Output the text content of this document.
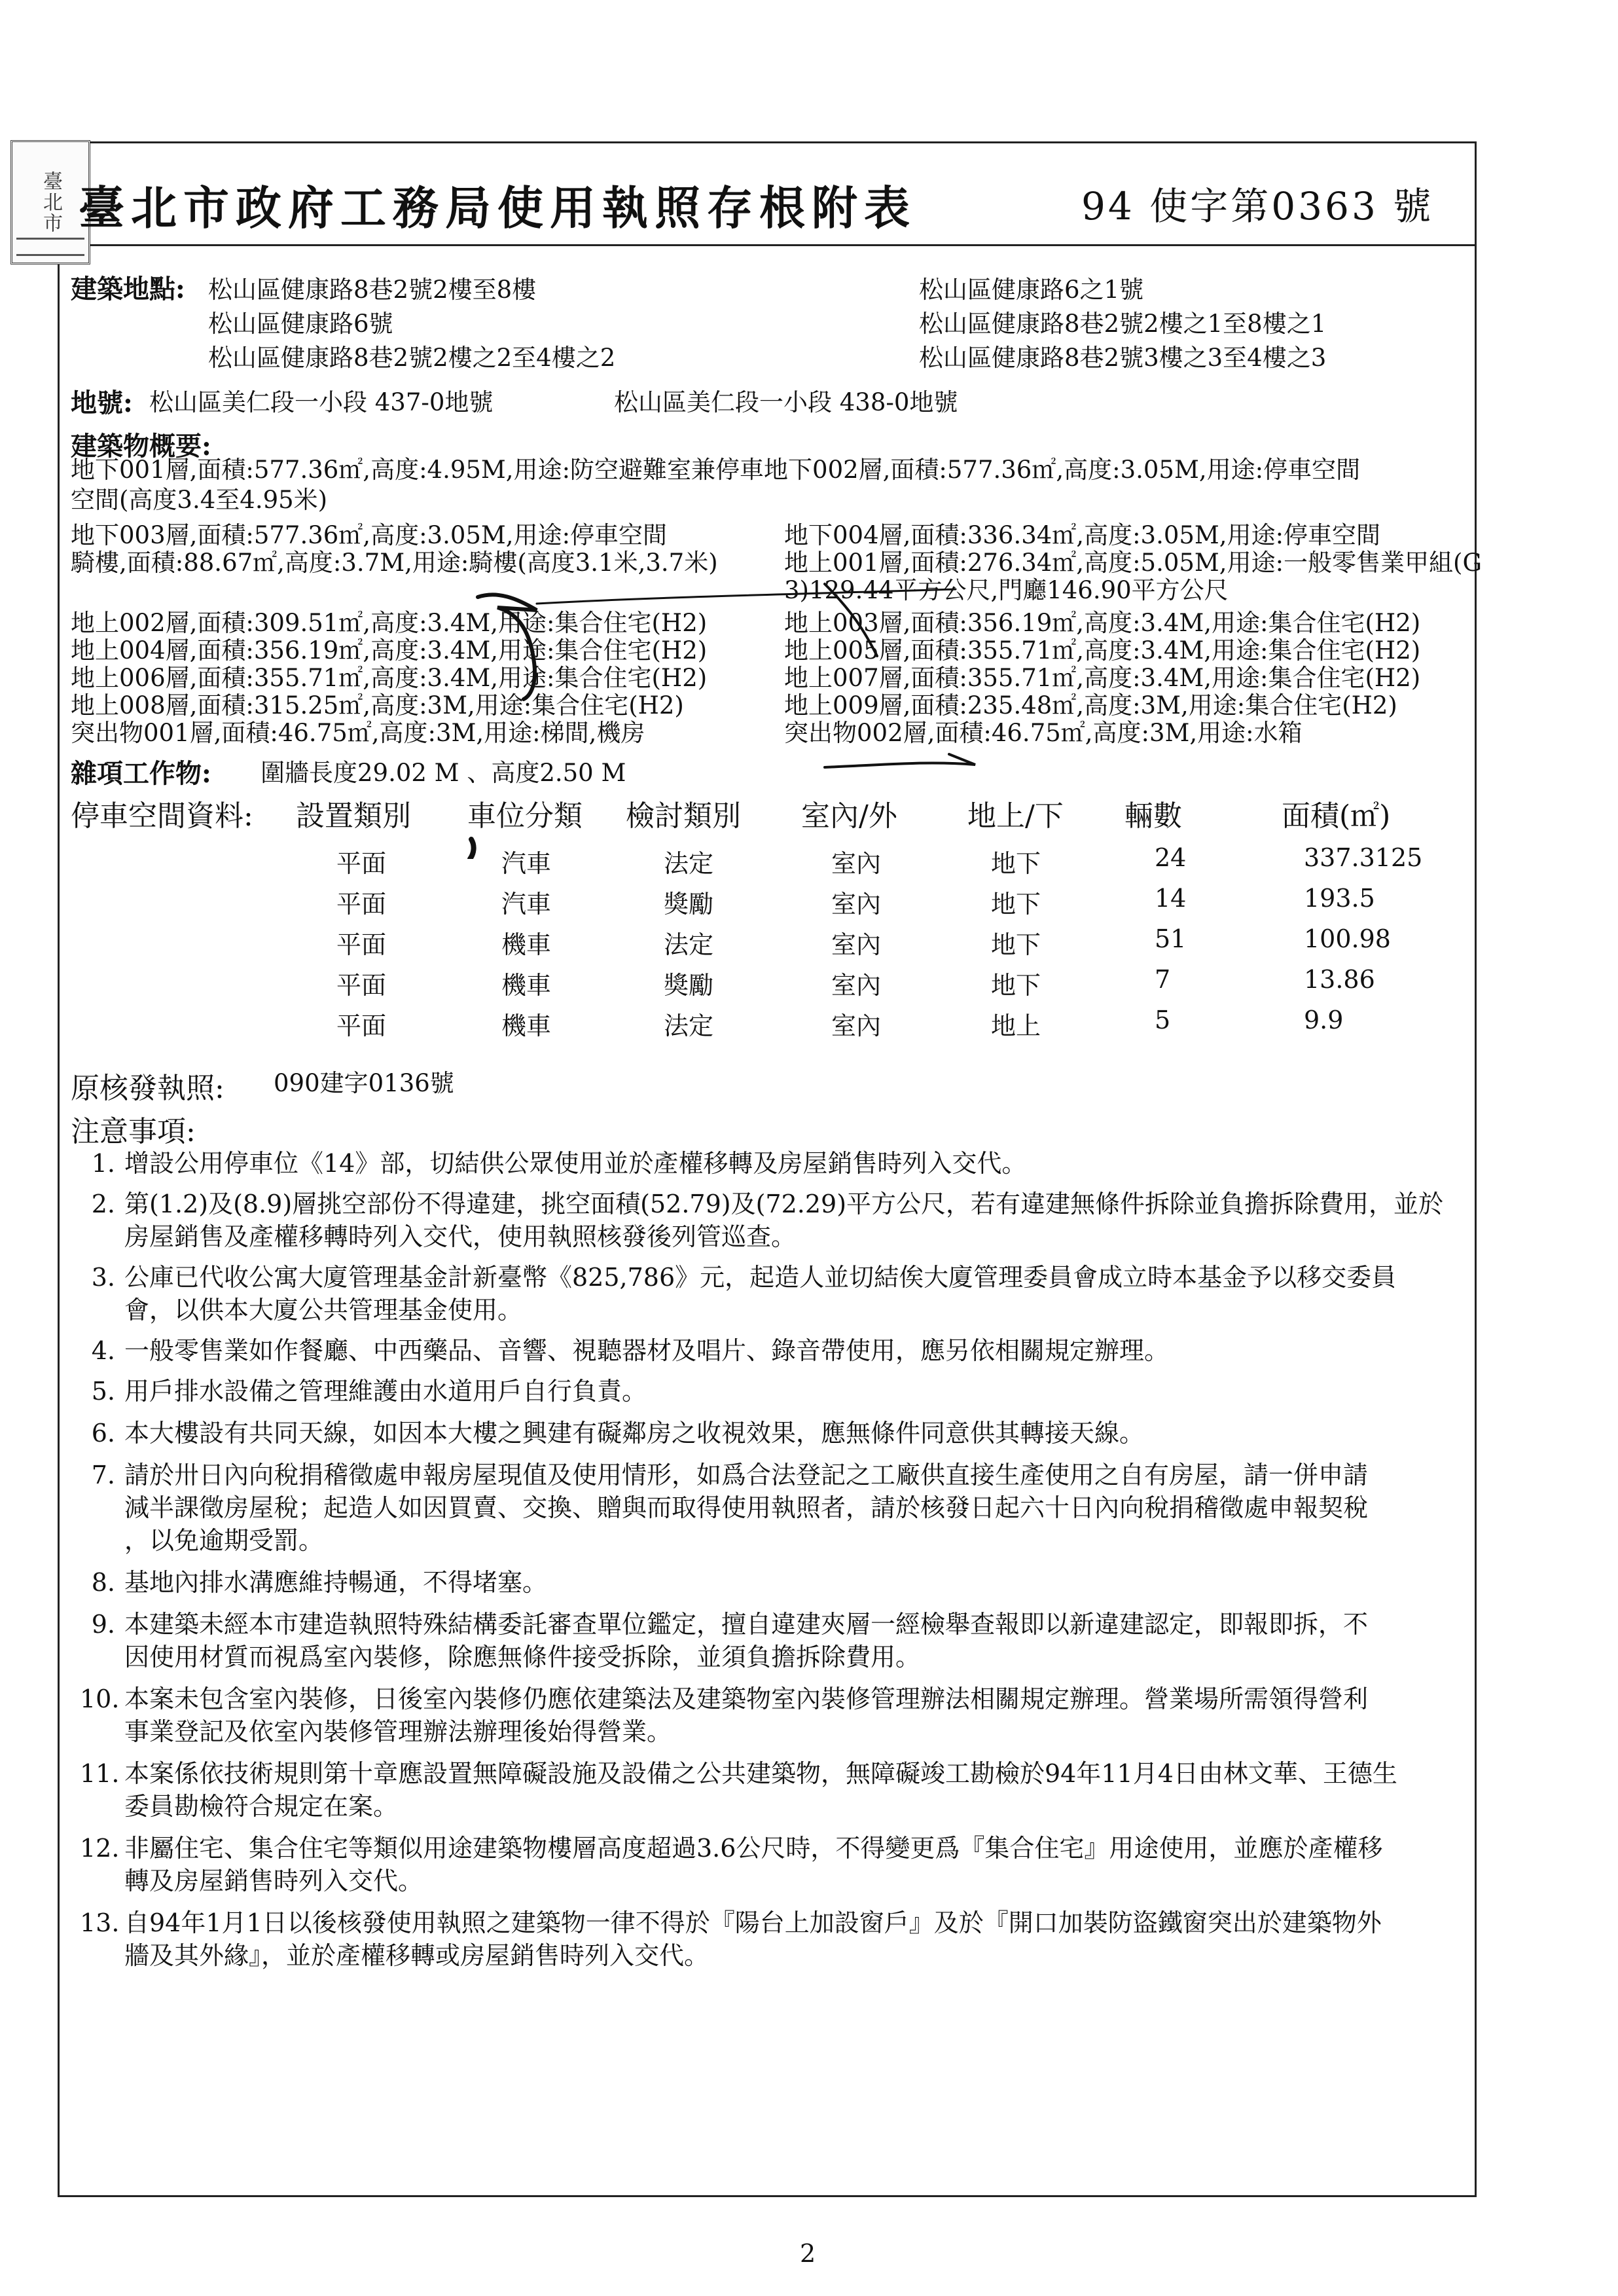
臺北市 臺北市政府工務局使用執照存根附表	94 使字第0363 號
建築地點: 松山區健康路8巷2號2樓至8樓
松山區健康路6號
松山區健康路8巷2號2樓之2至4樓之2
松山區健康路6之1號
松山區健康路8巷2號2樓之1至8樓之1
松山區健康路8巷2號3樓之3至4樓之3
地號: 松山區美仁段一小段 437-0地號	松山區美仁段一小段 438-0地號
建築物概要:
地下001層,面積:577.36㎡,高度:4.95M,用途:防空避難室兼停車地下002層,面積:577.36㎡,高度:3.05M,用途:停車空間
空間(高度3.4至4.95米)
地下003層,面積:577.36㎡,高度:3.05M,用途:停車空間
騎樓,面積:88.67㎡,高度:3.7M,用途:騎樓(高度3.1米,3.7米)
地上002層,面積:309.51㎡,高度:3.4M,用途:集合住宅(H2)
地上004層,面積:356.19㎡,高度:3.4M,用途:集合住宅(H2)
地上006層,面積:355.71㎡,高度:3.4M,用途:集合住宅(H2)
地上008層,面積:315.25㎡,高度:3M,用途:集合住宅(H2)
突出物001層,面積:46.75㎡,高度:3M,用途:梯間,機房
地下004層,面積:336.34㎡,高度:3.05M,用途:停車空間
地上001層,面積:276.34㎡,高度:5.05M,用途:一般零售業甲組(G
3)129.44平方公尺,門廳146.90平方公尺
地上003層,面積:356.19㎡,高度:3.4M,用途:集合住宅(H2)
地上005層,面積:355.71㎡,高度:3.4M,用途:集合住宅(H2)
地上007層,面積:355.71㎡,高度:3.4M,用途:集合住宅(H2)
地上009層,面積:235.48㎡,高度:3M,用途:集合住宅(H2)
突出物002層,面積:46.75㎡,高度:3M,用途:水箱
雜項工作物: 圍牆長度29.02 M 、高度2.50 M
停車空間資料: 設置類別 車位分類 檢討類別 室內/外 地上/下 輛數	面積(㎡)
平面	汽車	法定	室內	地下	24	337.3125
平面	汽車	獎勵	室內	地下	14	193.5
平面	機車	法定	室內	地下	51	100.98
平面	機車	獎勵	室內	地下	7	13.86
平面	機車	法定	室內	地上	5	9.9
原核發執照: 090建字0136號
注意事項:
1. 增設公用停車位《14》部，切結供公眾使用並於產權移轉及房屋銷售時列入交代。
2. 第(1.2)及(8.9)層挑空部份不得違建，挑空面積(52.79)及(72.29)平方公尺，若有違建無條件拆除並負擔拆除費用，並於
房屋銷售及產權移轉時列入交代，使用執照核發後列管巡查。
3. 公庫已代收公寓大廈管理基金計新臺幣《825,786》元，起造人並切結俟大廈管理委員會成立時本基金予以移交委員
會，以供本大廈公共管理基金使用。
4. 一般零售業如作餐廳、中西藥品、音響、視聽器材及唱片、錄音帶使用，應另依相關規定辦理。
5. 用戶排水設備之管理維護由水道用戶自行負責。
6. 本大樓設有共同天線，如因本大樓之興建有礙鄰房之收視效果，應無條件同意供其轉接天線。
7. 請於卅日內向稅捐稽徵處申報房屋現值及使用情形，如爲合法登記之工廠供直接生產使用之自有房屋，請一併申請
減半課徵房屋稅；起造人如因買賣、交換、贈與而取得使用執照者，請於核發日起六十日內向稅捐稽徵處申報契稅
，以免逾期受罰。
8. 基地內排水溝應維持暢通，不得堵塞。
9. 本建築未經本市建造執照特殊結構委託審查單位鑑定，擅自違建夾層一經檢舉查報即以新違建認定，即報即拆，不
因使用材質而視爲室內裝修，除應無條件接受拆除，並須負擔拆除費用。
10. 本案未包含室內裝修，日後室內裝修仍應依建築法及建築物室內裝修管理辦法相關規定辦理。營業場所需領得營利
事業登記及依室內裝修管理辦法辦理後始得營業。
11. 本案係依技術規則第十章應設置無障礙設施及設備之公共建築物，無障礙竣工勘檢於94年11月4日由林文華、王德生
委員勘檢符合規定在案。
12. 非屬住宅、集合住宅等類似用途建築物樓層高度超過3.6公尺時，不得變更爲『集合住宅』用途使用，並應於產權移
轉及房屋銷售時列入交代。
13. 自94年1月1日以後核發使用執照之建築物一律不得於『陽台上加設窗戶』及於『開口加裝防盜鐵窗突出於建築物外
牆及其外緣』，並於產權移轉或房屋銷售時列入交代。
2
